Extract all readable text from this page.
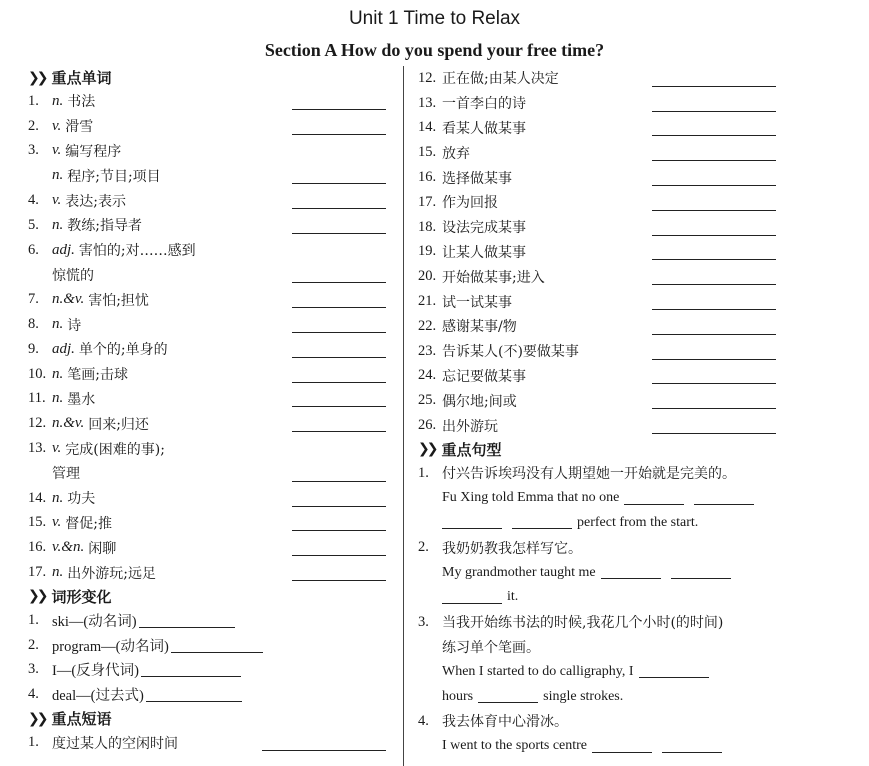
Unit 1 Time to Relax
Section A How do you spend your free time?
❯❯ 重点单词
1. n. 书法
2. v. 滑雪
3. v. 编写程序
n. 程序;节目;项目
4. v. 表达;表示
5. n. 教练;指导者
6. adj. 害怕的;对……感到
惊慌的
7. n.&v. 害怕;担忧
8. n. 诗
9. adj. 单个的;单身的
10. n. 笔画;击球
11. n. 墨水
12. n.&v. 回来;归还
13. v. 完成(困难的事);
管理
14. n. 功夫
15. v. 督促;推
16. v.&n. 闲聊
17. n. 出外游玩;远足
❯❯ 词形变化
1. ski—(动名词)
2. program—(动名词)
3. I—(反身代词)
4. deal—(过去式)
❯❯ 重点短语
1. 度过某人的空闲时间
12. 正在做;由某人决定
13. 一首李白的诗
14. 看某人做某事
15. 放弃
16. 选择做某事
17. 作为回报
18. 设法完成某事
19. 让某人做某事
20. 开始做某事;进入
21. 试一试某事
22. 感谢某事/物
23. 告诉某人(不)要做某事
24. 忘记要做某事
25. 偶尔地;间或
26. 出外游玩
❯❯ 重点句型
1. 付兴告诉埃玛没有人期望她一开始就是完美的。
Fu Xing told Emma that no one
perfect from the start.
2. 我奶奶教我怎样写它。
My grandmother taught me
it.
3. 当我开始练书法的时候,我花几个小时(的时间)
练习单个笔画。
When I started to do calligraphy, I
hours	single strokes.
4. 我去体育中心滑冰。
I went to the sports centre
